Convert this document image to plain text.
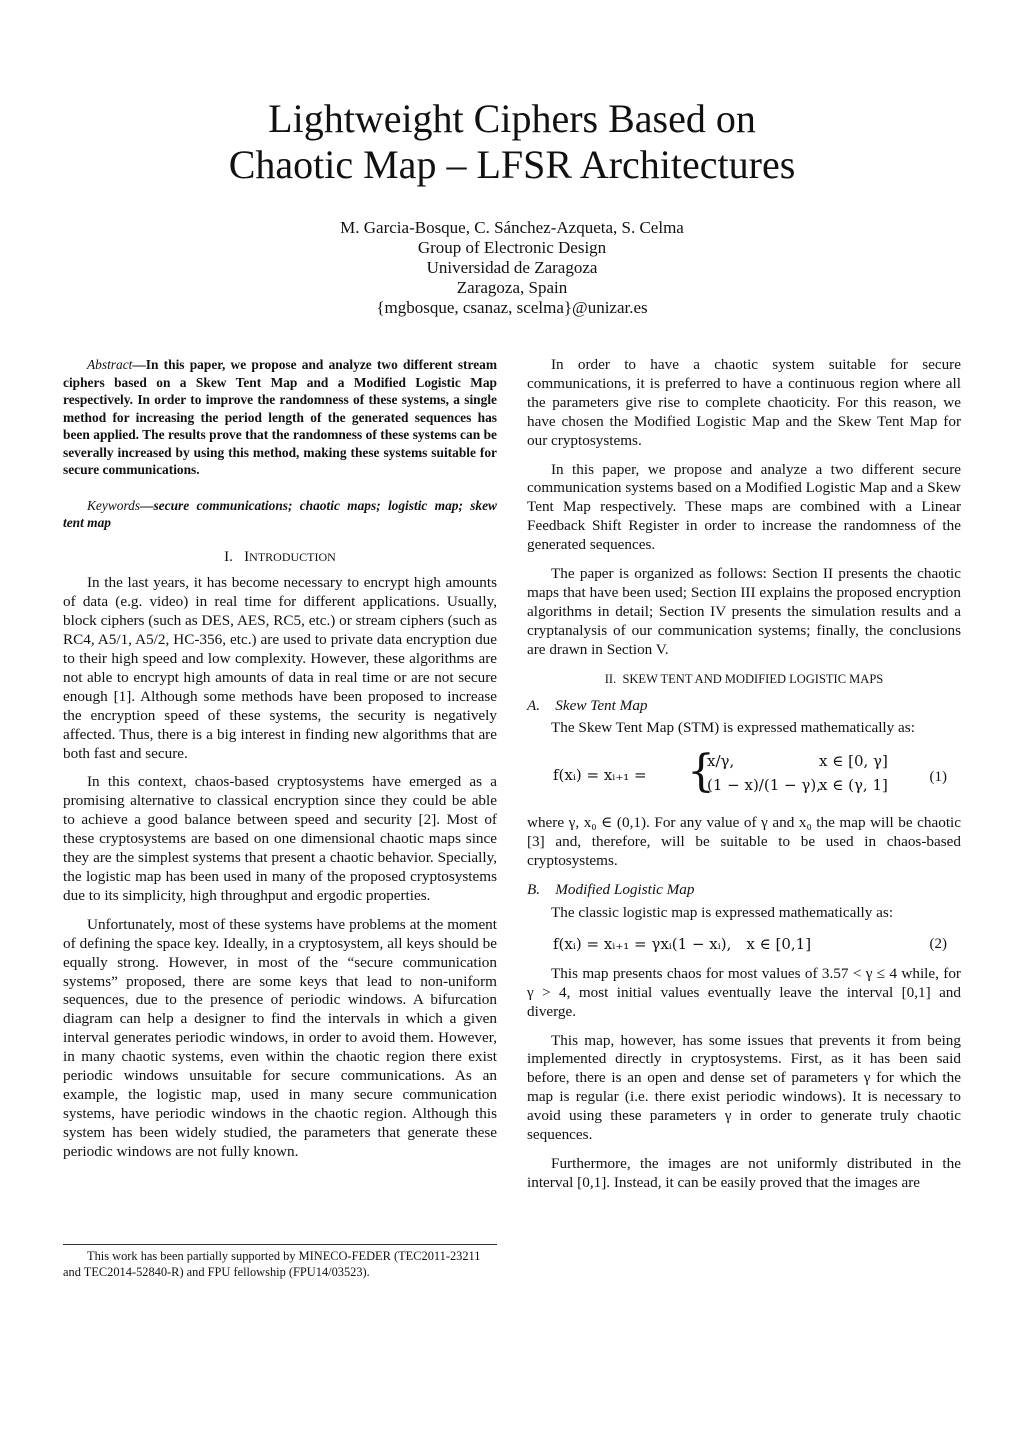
Lightweight Ciphers Based on
Chaotic Map – LFSR Architectures
M. Garcia-Bosque, C. Sánchez-Azqueta, S. Celma
Group of Electronic Design
Universidad de Zaragoza
Zaragoza, Spain
{mgbosque, csanaz, scelma}@unizar.es

Abstract—In this paper, we propose and analyze two different stream ciphers based on a Skew Tent Map and a Modified Logistic Map respectively. In order to improve the randomness of these systems, a single method for increasing the period length of the generated sequences has been applied. The results prove that the randomness of these systems can be severally increased by using this method, making these systems suitable for secure communications.

Keywords—secure communications; chaotic maps; logistic map; skew tent map

I. INTRODUCTION

In the last years, it has become necessary to encrypt high amounts of data (e.g. video) in real time for different applications. Usually, block ciphers (such as DES, AES, RC5, etc.) or stream ciphers (such as RC4, A5/1, A5/2, HC-356, etc.) are used to private data encryption due to their high speed and low complexity. However, these algorithms are not able to encrypt high amounts of data in real time or are not secure enough [1]. Although some methods have been proposed to increase the encryption speed of these systems, the security is negatively affected. Thus, there is a big interest in finding new algorithms that are both fast and secure.

In this context, chaos-based cryptosystems have emerged as a promising alternative to classical encryption since they could be able to achieve a good balance between speed and security [2]. Most of these cryptosystems are based on one dimensional chaotic maps since they are the simplest systems that present a chaotic behavior. Specially, the logistic map has been used in many of the proposed cryptosystems due to its simplicity, high throughput and ergodic properties.

Unfortunately, most of these systems have problems at the moment of defining the space key. Ideally, in a cryptosystem, all keys should be equally strong. However, in most of the “secure communication systems” proposed, there are some keys that lead to non-uniform sequences, due to the presence of periodic windows. A bifurcation diagram can help a designer to find the intervals in which a given interval generates periodic windows, in order to avoid them. However, in many chaotic systems, even within the chaotic region there exist periodic windows unsuitable for secure communications. As an example, the logistic map, used in many secure communication systems, have periodic windows in the chaotic region. Although this system has been widely studied, the parameters that generate these periodic windows are not fully known.

In order to have a chaotic system suitable for secure communications, it is preferred to have a continuous region where all the parameters give rise to complete chaoticity. For this reason, we have chosen the Modified Logistic Map and the Skew Tent Map for our cryptosystems.

In this paper, we propose and analyze a two different secure communication systems based on a Modified Logistic Map and a Skew Tent Map respectively. These maps are combined with a Linear Feedback Shift Register in order to increase the randomness of the generated sequences.

The paper is organized as follows: Section II presents the chaotic maps that have been used; Section III explains the proposed encryption algorithms in detail; Section IV presents the simulation results and a cryptanalysis of our communication systems; finally, the conclusions are drawn in Section V.

II. SKEW TENT AND MODIFIED LOGISTIC MAPS

A. Skew Tent Map

The Skew Tent Map (STM) is expressed mathematically as:

f(xᵢ) = xᵢ₊₁ = {
x/γ,	x ∈ [0, γ]
(1 − x)/(1 − γ),
x ∈ (γ, 1]	(1)

where γ, x₀ ∈ (0,1). For any value of γ and x₀ the map will be chaotic [3] and, therefore, will be suitable to be used in chaos-based cryptosystems.

B. Modified Logistic Map

The classic logistic map is expressed mathematically as:

f(xᵢ) = xᵢ₊₁ = γxᵢ(1 − xᵢ), x ∈ [0,1]	(2)

This map presents chaos for most values of 3.57 < γ ≤ 4 while, for γ > 4, most initial values eventually leave the interval [0,1] and diverge.

This map, however, has some issues that prevents it from being implemented directly in cryptosystems. First, as it has been said before, there is an open and dense set of parameters γ for which the map is regular (i.e. there exist periodic windows). It is necessary to avoid using these parameters γ in order to generate truly chaotic sequences.

Furthermore, the images are not uniformly distributed in the interval [0,1]. Instead, it can be easily proved that the images are

This work has been partially supported by MINECO-FEDER (TEC2011-23211 and TEC2014-52840-R) and FPU fellowship (FPU14/03523).
